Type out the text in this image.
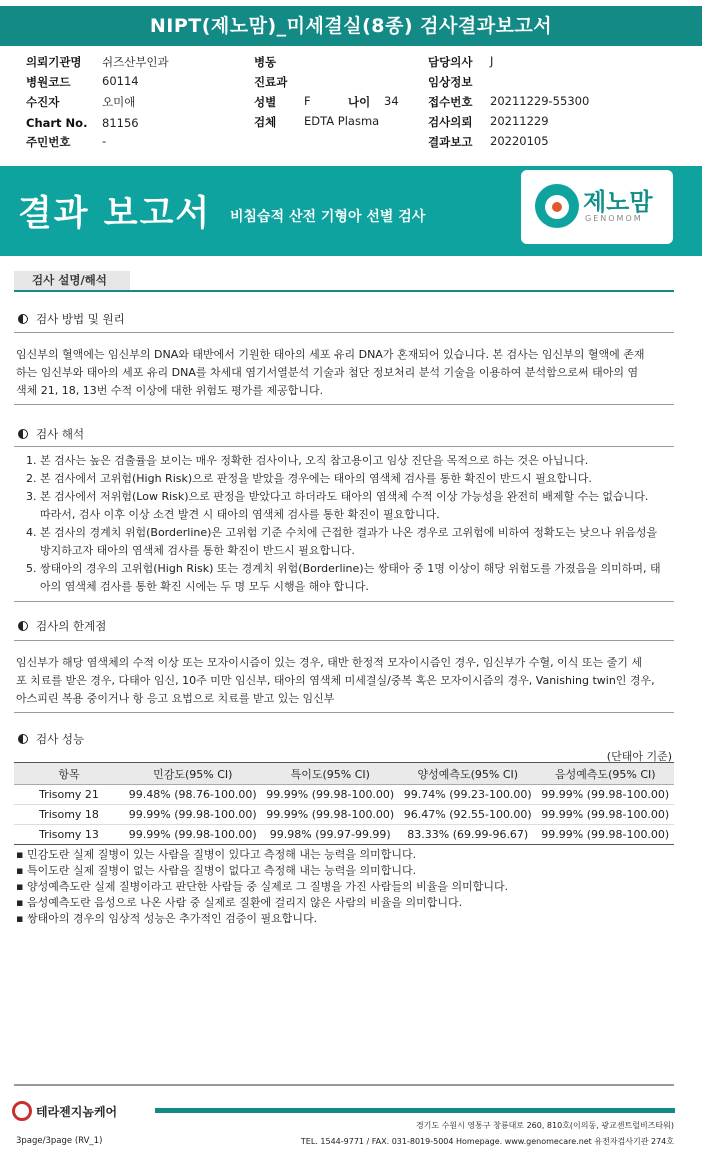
NIPT(제노맘)_미세결실(8종) 검사결과보고서
의뢰기관명 쉬즈산부인과
병원코드	60114
수진자	오미애
Chart No. 81156
주민번호	-
병동
진료과
성별 F	나이 34
검체 EDTA Plasma
담당의사 J
임상정보
접수번호 20211229-55300
검사의뢰 20211229
결과보고 20220105
결과 보고서 비침습적 산전 기형아 선별 검사
제노맘
GENOMOM
검사 설명/해석
검사 방법 및 원리
임신부의 혈액에는 임신부의 DNA와 태반에서 기원한 태아의 세포 유리 DNA가 혼재되어 있습니다. 본 검사는 임신부의 혈액에 존재
하는 임신부와 태아의 세포 유리 DNA를 차세대 염기서열분석 기술과 첨단 정보처리 분석 기술을 이용하여 분석함으로써 태아의 염
색체 21, 18, 13번 수적 이상에 대한 위험도 평가를 제공합니다.
검사 해석
1. 본 검사는 높은 검출률을 보이는 매우 정확한 검사이나, 오직 참고용이고 임상 진단을 목적으로 하는 것은 아닙니다.
2. 본 검사에서 고위험(High Risk)으로 판정을 받았을 경우에는 태아의 염색체 검사를 통한 확진이 반드시 필요합니다.
3. 본 검사에서 저위험(Low Risk)으로 판정을 받았다고 하더라도 태아의 염색체 수적 이상 가능성을 완전히 배제할 수는 없습니다.
따라서, 검사 이후 이상 소견 발견 시 태아의 염색체 검사를 통한 확진이 필요합니다.
4. 본 검사의 경계치 위험(Borderline)은 고위험 기준 수치에 근접한 결과가 나온 경우로 고위험에 비하여 정확도는 낮으나 위음성을
방지하고자 태아의 염색체 검사를 통한 확진이 반드시 필요합니다.
5. 쌍태아의 경우의 고위험(High Risk) 또는 경계치 위험(Borderline)는 쌍태아 중 1명 이상이 해당 위험도를 가졌음을 의미하며, 태
아의 염색체 검사를 통한 확진 시에는 두 명 모두 시행을 해야 합니다.
검사의 한계점
임신부가 해당 염색체의 수적 이상 또는 모자이시즘이 있는 경우, 태반 한정적 모자이시즘인 경우, 임신부가 수혈, 이식 또는 줄기 세
포 치료를 받은 경우, 다태아 임신, 10주 미만 임신부, 태아의 염색체 미세결실/중복 혹은 모자이시즘의 경우, Vanishing twin인 경우,
아스피린 복용 중이거나 항 응고 요법으로 치료를 받고 있는 임신부
검사 성능
(단태아 기준)
항목	민감도(95% CI)	특이도(95% CI)	양성예측도(95% CI)	음성예측도(95% CI)
Trisomy 21	99.48% (98.76-100.00)	99.99% (99.98-100.00)	99.74% (99.23-100.00)	99.99% (99.98-100.00)
Trisomy 18	99.99% (99.98-100.00)	99.99% (99.98-100.00)	96.47% (92.55-100.00)	99.99% (99.98-100.00)
Trisomy 13	99.99% (99.98-100.00)	99.98% (99.97-99.99)	83.33% (69.99-96.67)	99.99% (99.98-100.00)
▪ 민감도란 실제 질병이 있는 사람을 질병이 있다고 측정해 내는 능력을 의미합니다.
▪ 특이도란 실제 질병이 없는 사람을 질병이 없다고 측정해 내는 능력을 의미합니다.
▪ 양성예측도란 실제 질병이라고 판단한 사람들 중 실제로 그 질병을 가진 사람들의 비율을 의미합니다.
▪ 음성예측도란 음성으로 나온 사람 중 실제로 질환에 걸리지 않은 사람의 비율을 의미합니다.
▪ 쌍태아의 경우의 임상적 성능은 추가적인 검증이 필요합니다.
테라젠지놈케어
경기도 수원시 영통구 창룡대로 260, 810호(이의동, 광교센트럴비즈타워)
TEL. 1544-9771 / FAX. 031-8019-5004 Homepage. www.genomecare.net 유전자검사기관 274호
3page/3page (RV_1)
